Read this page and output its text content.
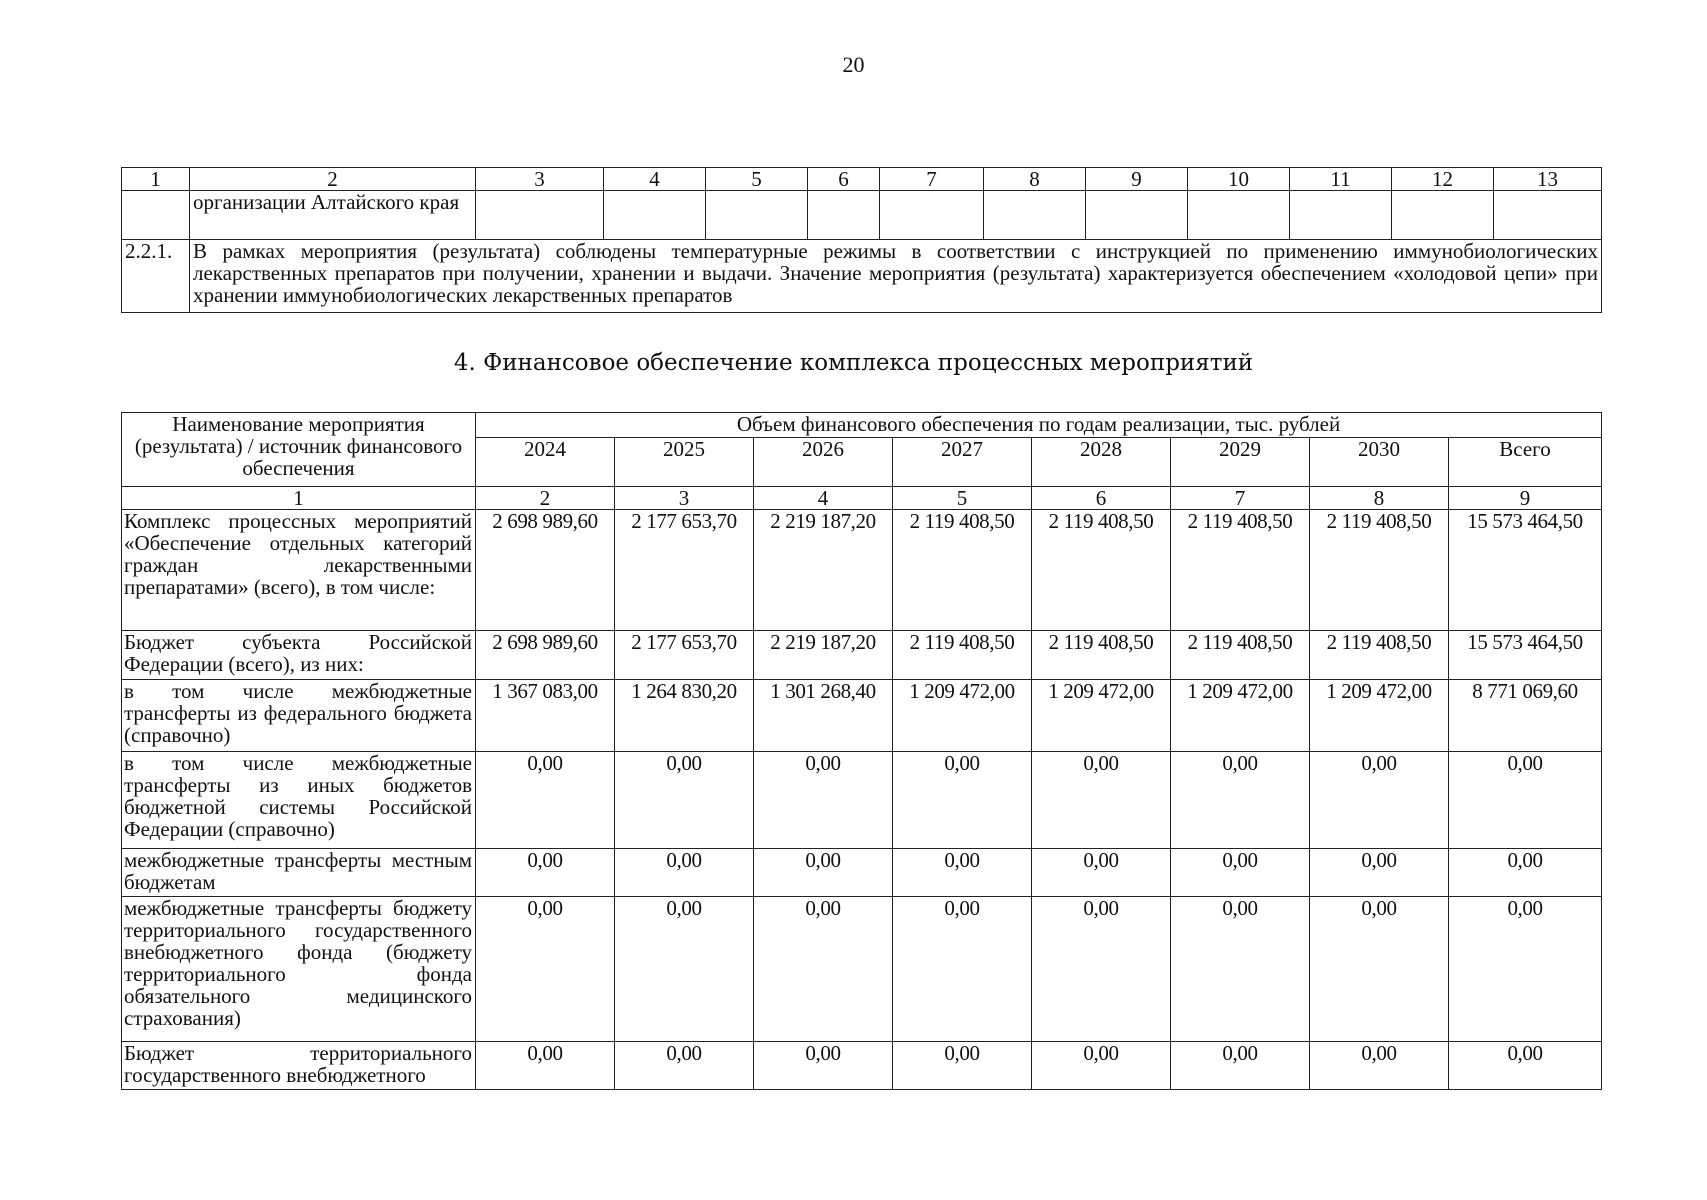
20
1	2	3	4	5	6	7	8	9	10	11	12	13
	организации Алтайского края											
2.2.1.	В рамках мероприятия (результата) соблюдены температурные режимы в соответствии с инструкцией по применению иммунобиологических лекарственных препаратов при получении, хранении и выдачи. Значение мероприятия (результата) характеризуется обеспечением «холодовой цепи» при хранении иммунобиологических лекарственных препаратов											
4. Финансовое обеспечение комплекса процессных мероприятий
Наименование мероприятия (результата) / источник финансового обеспечения	Объем финансового обеспечения по годам реализации, тыс. рублей							
	2024	2025	2026	2027	2028	2029	2030	Всего
1	2	3	4	5	6	7	8	9
Комплекс процессных мероприятий «Обеспечение отдельных категорий граждан лекарственными препаратами» (всего), в том числе:	2 698 989,60	2 177 653,70	2 219 187,20	2 119 408,50	2 119 408,50	2 119 408,50	2 119 408,50	15 573 464,50
Бюджет субъекта Российской Федерации (всего), из них:	2 698 989,60	2 177 653,70	2 219 187,20	2 119 408,50	2 119 408,50	2 119 408,50	2 119 408,50	15 573 464,50
в том числе межбюджетные трансферты из федерального бюджета (справочно)	1 367 083,00	1 264 830,20	1 301 268,40	1 209 472,00	1 209 472,00	1 209 472,00	1 209 472,00	8 771 069,60
в том числе межбюджетные трансферты из иных бюджетов бюджетной системы Российской Федерации (справочно)	0,00	0,00	0,00	0,00	0,00	0,00	0,00	0,00
межбюджетные трансферты местным бюджетам	0,00	0,00	0,00	0,00	0,00	0,00	0,00	0,00
межбюджетные трансферты бюджету территориального государственного внебюджетного фонда (бюджету территориального фонда обязательного медицинского страхования)	0,00	0,00	0,00	0,00	0,00	0,00	0,00	0,00
Бюджет территориального государственного внебюджетного	0,00	0,00	0,00	0,00	0,00	0,00	0,00	0,00
